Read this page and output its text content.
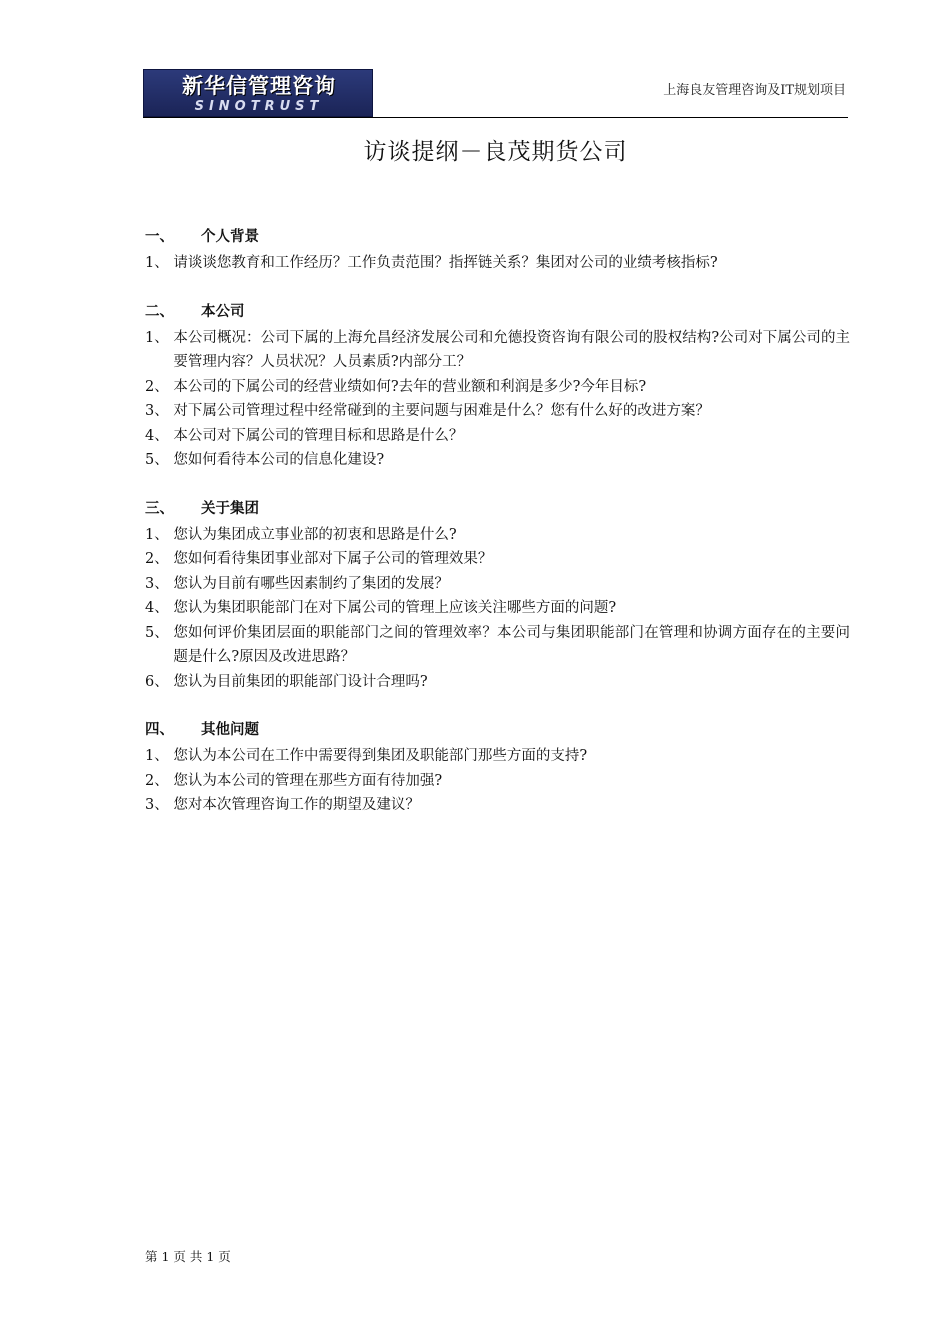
新华信管理咨询
SINOTRUST
上海良友管理咨询及IT规划项目
访谈提纲－良茂期货公司
一、 个人背景
1、 请谈谈您教育和工作经历？工作负责范围？指挥链关系？集团对公司的业绩考核指标?
二、 本公司
1、 本公司概况：公司下属的上海允昌经济发展公司和允德投资咨询有限公司的股权结构?公司对下属公司的主要管理内容？人员状况？人员素质?内部分工？
2、 本公司的下属公司的经营业绩如何?去年的营业额和利润是多少?今年目标?
3、 对下属公司管理过程中经常碰到的主要问题与困难是什么？您有什么好的改进方案？
4、 本公司对下属公司的管理目标和思路是什么？
5、 您如何看待本公司的信息化建设?
三、 关于集团
1、 您认为集团成立事业部的初衷和思路是什么?
2、 您如何看待集团事业部对下属子公司的管理效果？
3、 您认为目前有哪些因素制约了集团的发展？
4、 您认为集团职能部门在对下属公司的管理上应该关注哪些方面的问题?
5、 您如何评价集团层面的职能部门之间的管理效率？本公司与集团职能部门在管理和协调方面存在的主要问题是什么?原因及改进思路？
6、 您认为目前集团的职能部门设计合理吗?
四、 其他问题
1、 您认为本公司在工作中需要得到集团及职能部门那些方面的支持?
2、 您认为本公司的管理在那些方面有待加强?
3、 您对本次管理咨询工作的期望及建议？
第 1 页 共 1 页
